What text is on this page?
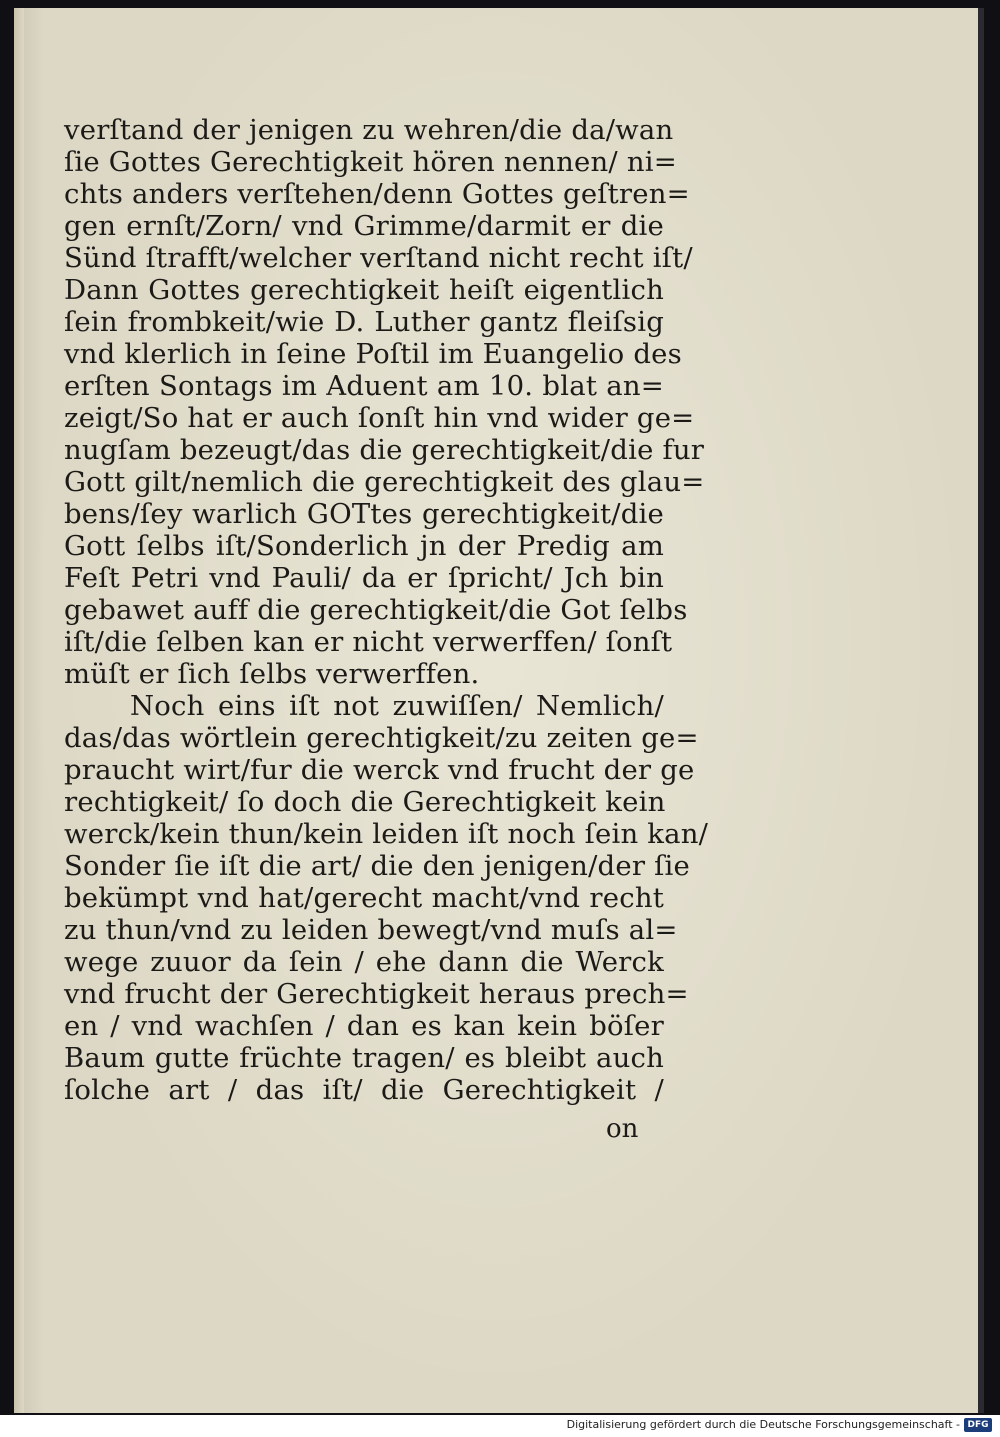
verſtand der jenigen zu wehren/die da/wan
ſie Gottes Gerechtigkeit hören nennen/ ni=
chts anders verſtehen/denn Gottes geſtren=
gen ernſt/Zorn/ vnd Grimme/darmit er die
Sünd ſtrafft/welcher verſtand nicht recht iſt/
Dann Gottes gerechtigkeit heiſt eigentlich
ſein frombkeit/wie D. Luther gantz fleiſsig
vnd klerlich in ſeine Poſtil im Euangelio des
erſten Sontags im Aduent am 10. blat an=
zeigt/So hat er auch ſonſt hin vnd wider ge=
nugſam bezeugt/das die gerechtigkeit/die fur
Gott gilt/nemlich die gerechtigkeit des glau=
bens/ſey warlich GOTtes gerechtigkeit/die
Gott ſelbs iſt/Sonderlich jn der Predig am
Feſt Petri vnd Pauli/ da er ſpricht/ Jch bin
gebawet auff die gerechtigkeit/die Got ſelbs
iſt/die ſelben kan er nicht verwerffen/ ſonſt
müſt er ſich ſelbs verwerffen.
Noch eins iſt not zuwiſſen/ Nemlich/
das/das wörtlein gerechtigkeit/zu zeiten ge=
praucht wirt/fur die werck vnd frucht der ge
rechtigkeit/ ſo doch die Gerechtigkeit kein
werck/kein thun/kein leiden iſt noch ſein kan/
Sonder ſie iſt die art/ die den jenigen/der ſie
bekümpt vnd hat/gerecht macht/vnd recht
zu thun/vnd zu leiden bewegt/vnd muſs al=
wege zuuor da ſein / ehe dann die Werck
vnd frucht der Gerechtigkeit heraus prech=
en / vnd wachſen / dan es kan kein böſer
Baum gutte früchte tragen/ es bleibt auch
ſolche art / das iſt/ die Gerechtigkeit /
on
Digitalisierung gefördert durch die Deutsche Forschungsgemeinschaft - DFG
